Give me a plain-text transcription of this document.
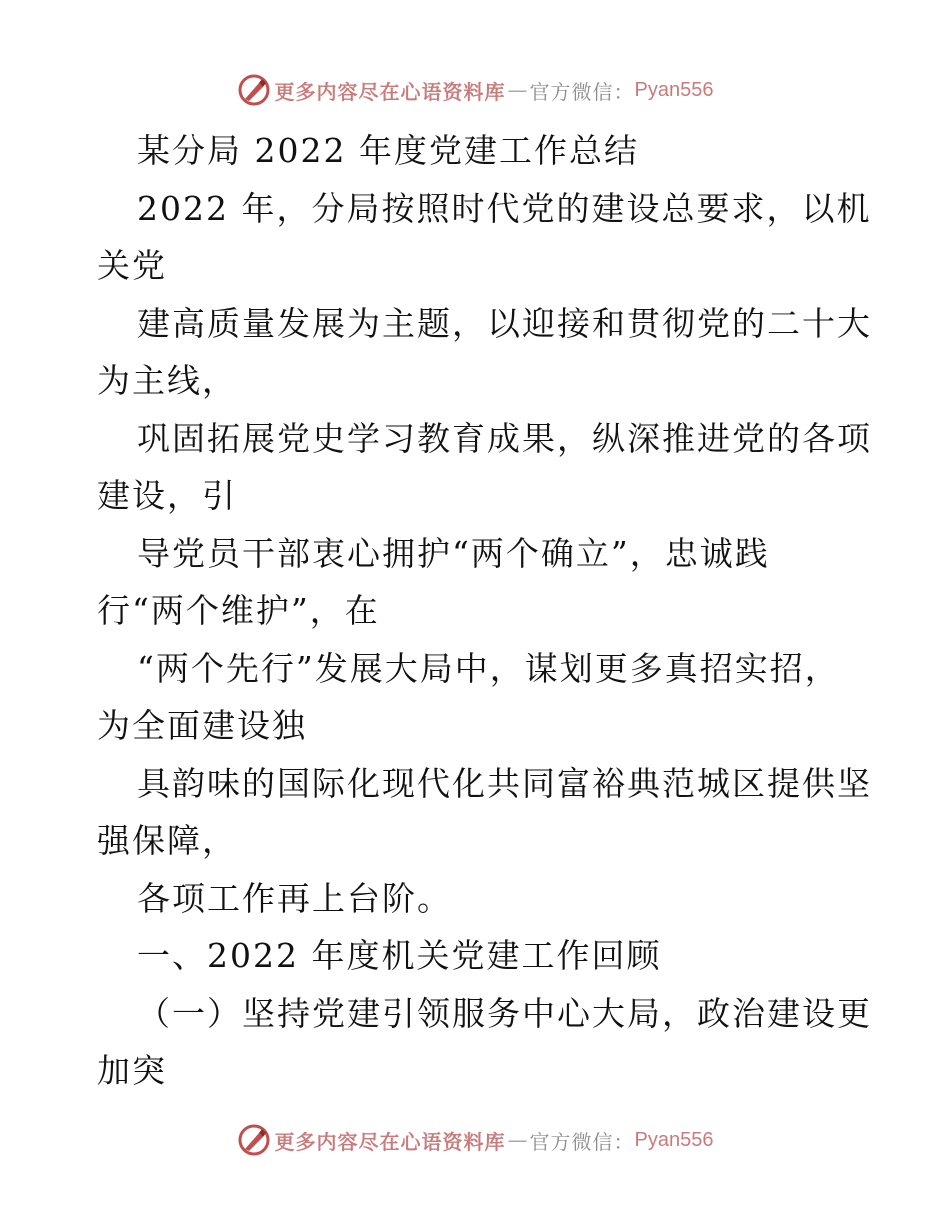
更多内容尽在心语资料库 — 官方微信： Pyan556
某分局 2022 年度党建工作总结
2022 年，分局按照时代党的建设总要求，以机
关党
建高质量发展为主题，以迎接和贯彻党的二十大
为主线，
巩固拓展党史学习教育成果，纵深推进党的各项
建设，引
导党员干部衷心拥护“两个确立”，忠诚践
行“两个维护”，在
“两个先行”发展大局中，谋划更多真招实招，
为全面建设独
具韵味的国际化现代化共同富裕典范城区提供坚
强保障，
各项工作再上台阶。
一、2022 年度机关党建工作回顾
（一）坚持党建引领服务中心大局，政治建设更
加突
更多内容尽在心语资料库 — 官方微信： Pyan556
